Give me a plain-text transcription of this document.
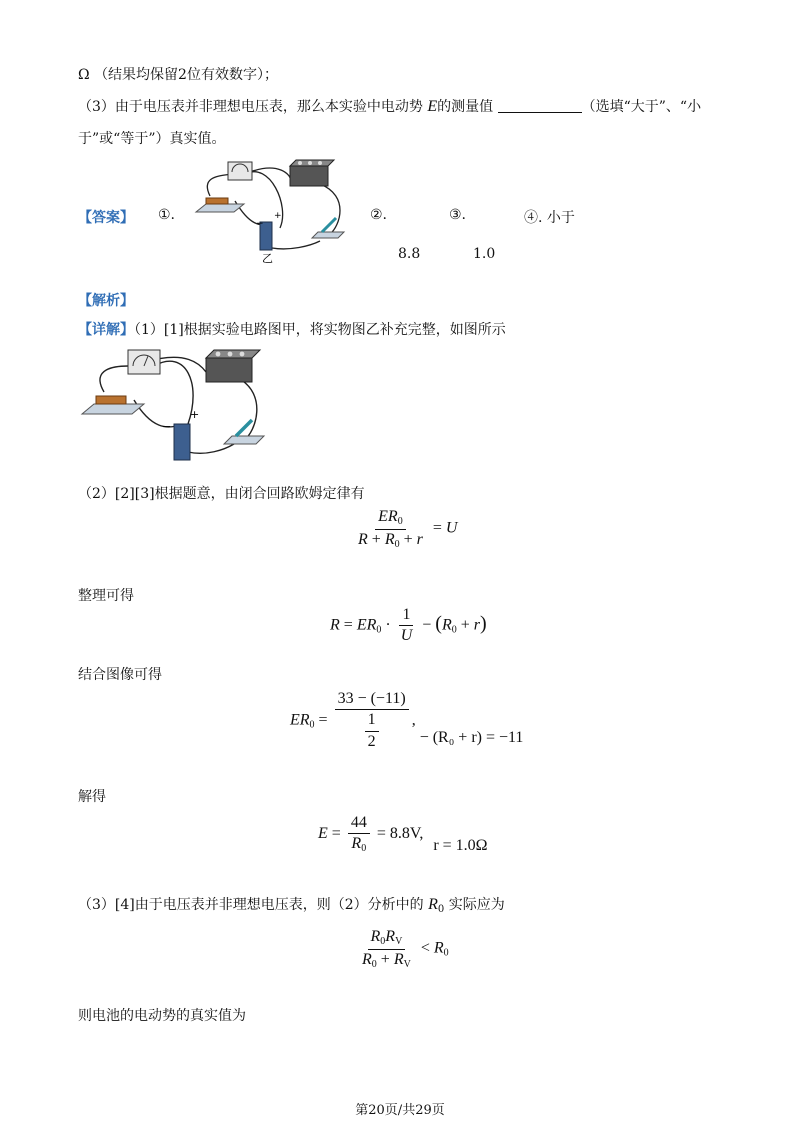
Ω （结果均保留2位有效数字）；
（3）由于电压表并非理想电压表，那么本实验中电动势 E的测量值	（选填“大于”、“小
于”或“等于”）真实值。
【答案】 ①.
−
+
乙
②.	③.	④. 小于
8.8	1.0
【解析】
【详解】（1）[1]根据实验电路图甲，将实物图乙补充完整，如图所示
−
+
（2）[2][3]根据题意，由闭合回路欧姆定律有
$\frac{ER_0}{R + R_0 + r} = U$
整理可得
$R = ER_0 \cdot \frac{1}{U} - (R_0 + r)$
结合图像可得
$ER_0 = \frac{33 - (-11)}{\frac{1}{2}}$ , − (R₀ + r) = −11
解得
$E = \frac{44}{R_0} = 8.8V$, r = 1.0Ω
（3）[4]由于电压表并非理想电压表，则（2）分析中的 $R_0$ 实际应为
$\frac{R_0R_V}{R_0 + R_V} < R_0$
则电池的电动势的真实值为
第20页/共29页
